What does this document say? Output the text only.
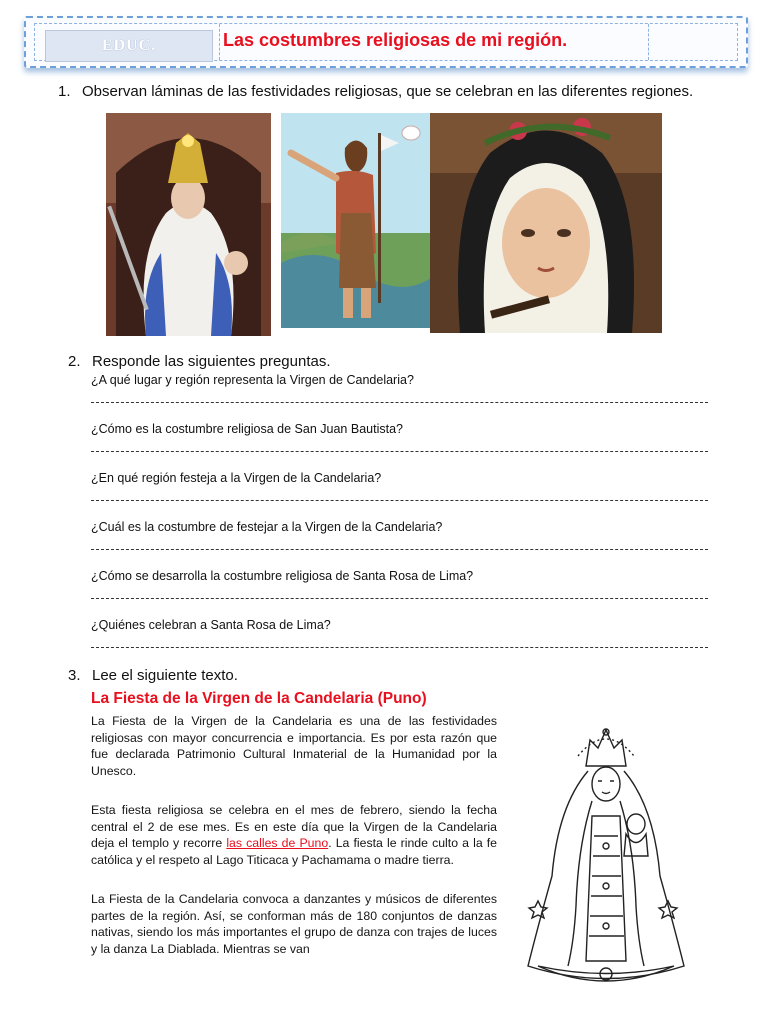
EDUC.	Las costumbres religiosas de mi región.
1. Observan láminas de las festividades religiosas, que se celebran en las diferentes regiones.
2. Responde las siguientes preguntas.
¿A qué lugar y región representa la Virgen de Candelaria?
¿Cómo es la costumbre religiosa de San Juan Bautista?
¿En qué región festeja a la Virgen de la Candelaria?
¿Cuál es la costumbre de festejar a la Virgen de la Candelaria?
¿Cómo se desarrolla la costumbre religiosa de Santa Rosa de Lima?
¿Quiénes celebran a Santa Rosa de Lima?
3. Lee el siguiente texto.
La Fiesta de la Virgen de la Candelaria (Puno)

La Fiesta de la Virgen de la Candelaria es una de las festividades religiosas con mayor concurrencia e importancia. Es por esta razón que fue declarada Patrimonio Cultural Inmaterial de la Humanidad por la Unesco.

Esta fiesta religiosa se celebra en el mes de febrero, siendo la fecha central el 2 de ese mes. Es en este día que la Virgen de la Candelaria deja el templo y recorre las calles de Puno. La fiesta le rinde culto a la fe católica y el respeto al Lago Titicaca y Pachamama o madre tierra.

La Fiesta de la Candelaria convoca a danzantes y músicos de diferentes partes de la región. Así, se conforman más de 180 conjuntos de danzas nativas, siendo los más importantes el grupo de danza con trajes de luces y la danza La Diablada. Mientras se van
